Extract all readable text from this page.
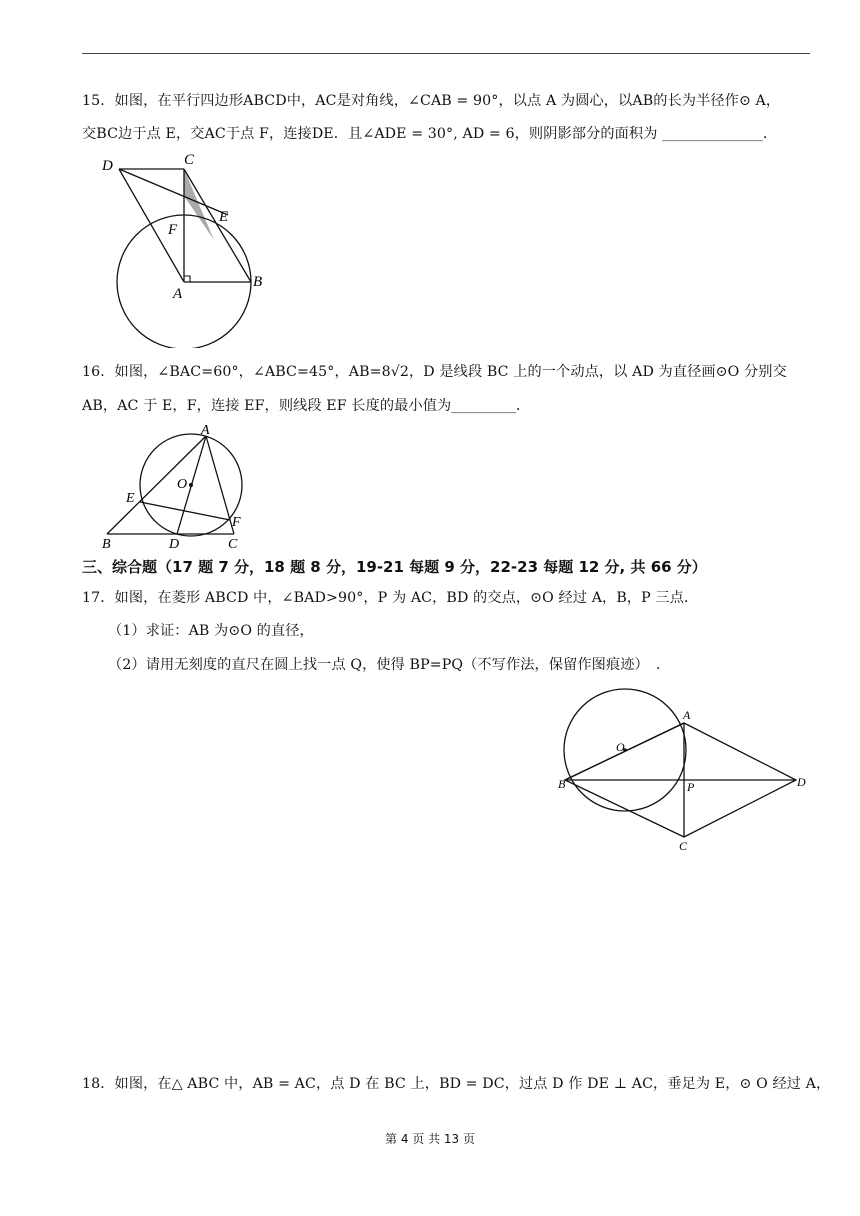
15．如图，在平行四边形ABCD中，AC是对角线，∠CAB = 90°，以点 A 为圆心，以AB的长为半径作⊙ A，
交BC边于点 E，交AC于点 F，连接DE．且∠ADE = 30°, AD = 6，则阴影部分的面积为 ______________．
D	C
E
F
A
B
16．如图，∠BAC=60°，∠ABC=45°，AB=8√2，D 是线段 BC 上的一个动点，以 AD 为直径画⊙O 分别交
AB，AC 于 E，F，连接 EF，则线段 EF 长度的最小值为_________．
A
O
E
F
B	D	C
三、综合题（17 题 7 分，18 题 8 分，19-21 每题 9 分，22-23 每题 12 分, 共 66 分）
17．如图，在菱形 ABCD 中，∠BAD>90°，P 为 AC，BD 的交点，⊙O 经过 A，B，P 三点．
（1）求证：AB 为⊙O 的直径，
（2）请用无刻度的直尺在圆上找一点 Q，使得 BP=PQ（不写作法，保留作图痕迹）　．
A
O
B	P	D
C
18．如图，在△ ABC 中，AB = AC，点 D 在 BC 上，BD = DC，过点 D 作 DE ⊥ AC，垂足为 E，⊙ O 经过 A，
第 4 页 共 13 页
